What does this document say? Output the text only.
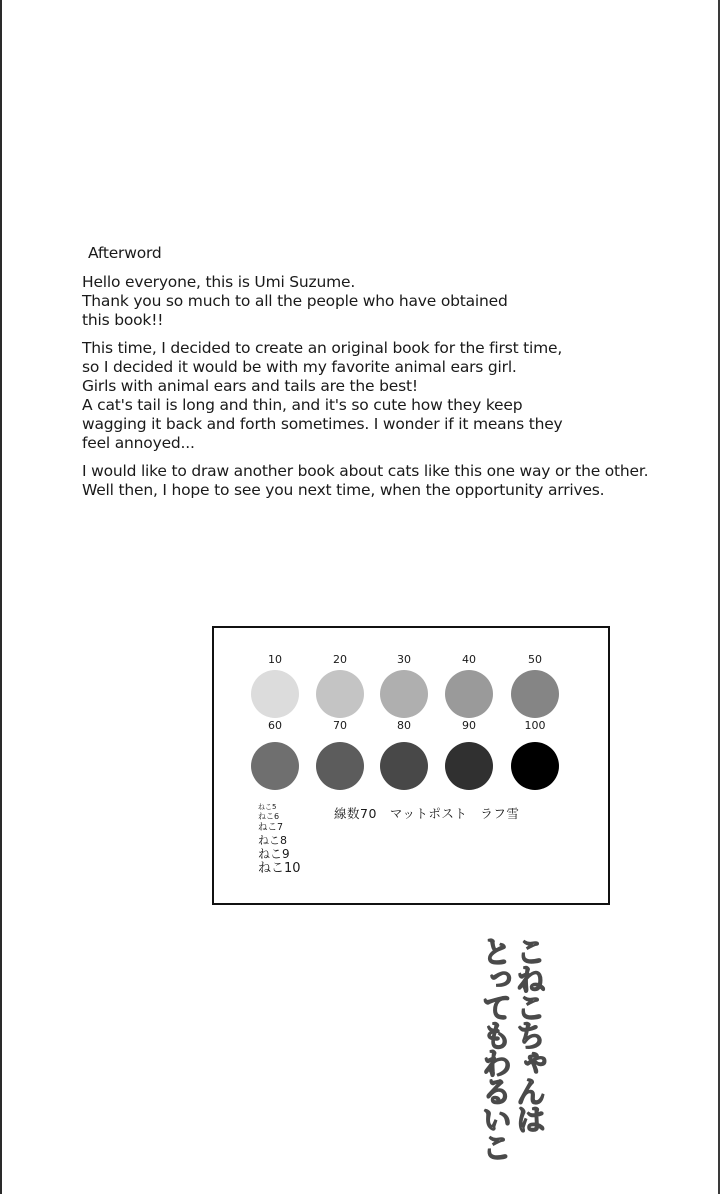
Afterword
Hello everyone, this is Umi Suzume.
Thank you so much to all the people who have obtained
this book!!
This time, I decided to create an original book for the first time,
so I decided it would be with my favorite animal ears girl.
Girls with animal ears and tails are the best!
A cat's tail is long and thin, and it's so cute how they keep
wagging it back and forth sometimes. I wonder if it means they
feel annoyed...
I would like to draw another book about cats like this one way or the other.
Well then, I hope to see you next time, when the opportunity arrives.
10	20	30	40	50
60	70	80	90	100
ねこ5
ねこ6
ねこ7
ねこ8
ねこ9
ねこ10
線数70　マットポスト　ラフ雪
こねこちゃんは
とってもわるいこ
